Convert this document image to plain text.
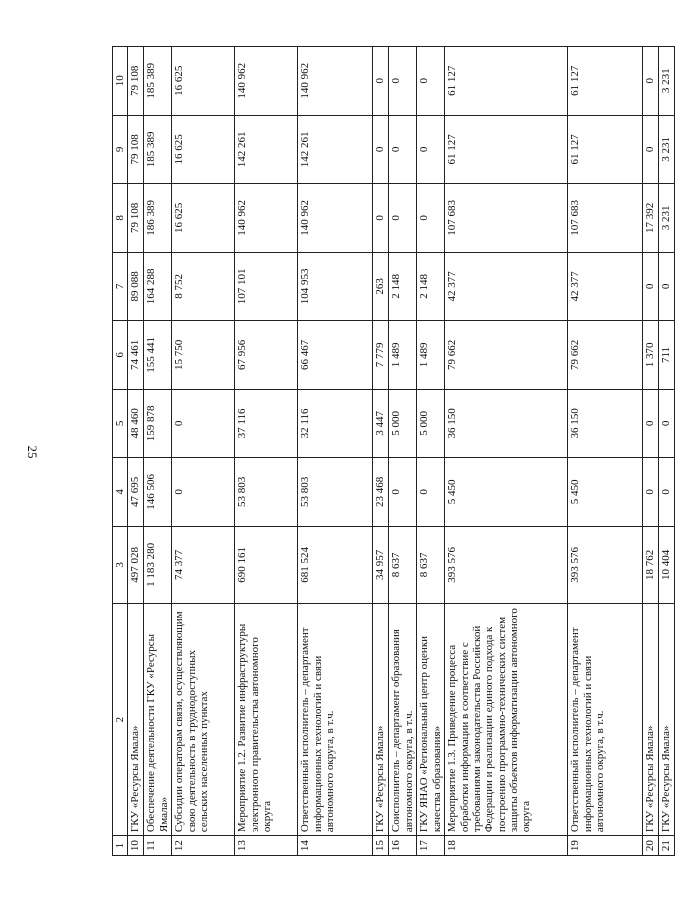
25
1	2	3	4	5	6	7	8	9	10
10	ГКУ «Ресурсы Ямала»	497 028	47 695	48 460	74 461	89 088	79 108	79 108	79 108
11	Обеспечение деятельности ГКУ «Ресурсы Ямала»	1 183 280	146 506	159 878	155 441	164 288	186 389	185 389	185 389
12	Субсидии операторам связи, осуществляющим свою деятельность в труднодоступных сельских населенных пунктах	74 377	0	0	15 750	8 752	16 625	16 625	16 625
13	Мероприятие 1.2. Развитие инфраструктуры электронного правительства автономного округа	690 161	53 803	37 116	67 956	107 101	140 962	142 261	140 962
14	Ответственный исполнитель – департамент информационных технологий и связи автономного округа, в т.ч.	681 524	53 803	32 116	66 467	104 953	140 962	142 261	140 962
15	ГКУ «Ресурсы Ямала»	34 957	23 468	3 447	7 779	263	0	0	0
16	Соисполнитель – департамент образования автономного округа, в т.ч.	8 637	0	5 000	1 489	2 148	0	0	0
17	ГКУ ЯНАО «Региональный центр оценки качества образования»	8 637	0	5 000	1 489	2 148	0	0	0
18	Мероприятие 1.3. Приведение процесса обработки информации в соответствие с требованиями законодательства Российской Федерации и реализации единого подхода к построению программно-технических систем защиты объектов информатизации автономного округа	393 576	5 450	36 150	79 662	42 377	107 683	61 127	61 127
19	Ответственный исполнитель – департамент информационных технологий и связи автономного округа, в т.ч.	393 576	5 450	36 150	79 662	42 377	107 683	61 127	61 127
20	ГКУ «Ресурсы Ямала»	18 762	0	0	1 370	0	17 392	0	0
21	ГКУ «Ресурсы Ямала»	10 404	0	0	711	0	3 231	3 231	3 231
